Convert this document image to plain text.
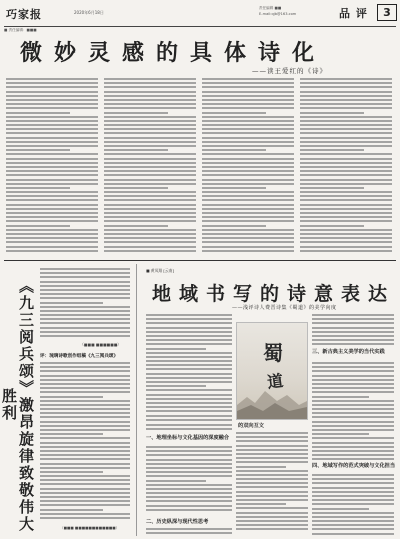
巧家报	2020年6月18日
责任编辑 ■■
E-mail:qjb@163.com	品 评	3
■ 责任编辑：■■■
微妙灵感的具体诗化
——读王爱红的《诗》
《九三阅兵颂》激昂旋律致敬伟大胜利
（■■■ ■■■■■■）
评：琉璃诗歌创作组稿《九三阅兵颂》
（■■■ ■■■■■■■■■■■■）
■ 黄凤翔 [云南]
地域书写的诗意表达
——浅评诗人费晋诗集《蜀道》的美学向度
蜀
道
三、新古典主义美学的当代实践
四、地域写作的范式突破与文化担当
的双向互文
一、地理坐标与文化基因的深度融合
二、历史纵深与现代性思考
